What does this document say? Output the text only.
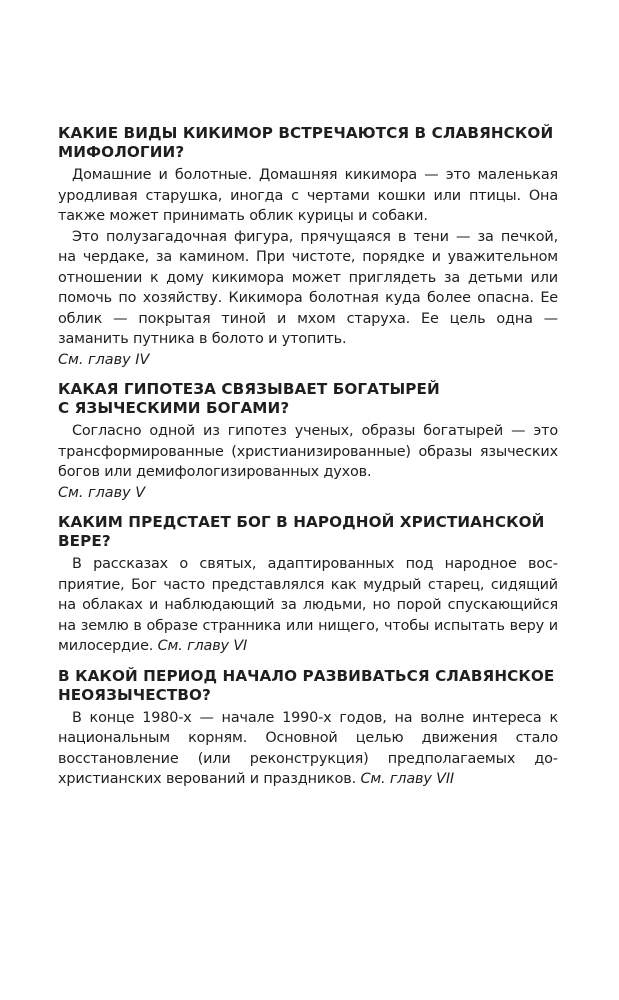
КАКИЕ ВИДЫ КИКИМОР ВСТРЕЧАЮТСЯ В СЛАВЯНСКОЙ
МИФОЛОГИИ?

Домашние и болотные. Домашняя кикимора — это маленькая уродливая старушка, иногда с чертами кошки или птицы. Она также может принимать облик курицы и собаки.

Это полузагадочная фигура, прячущаяся в тени — за печкой, на чердаке, за камином. При чистоте, порядке и уважительном отношении к дому кикимора может приглядеть за детьми или помочь по хозяйству. Кикимора болотная куда более опасна. Ее облик — покрытая тиной и мхом старуха. Ее цель одна — заманить путника в болото и утопить.

См. главу IV

КАКАЯ ГИПОТЕЗА СВЯЗЫВАЕТ БОГАТЫРЕЙ
С ЯЗЫЧЕСКИМИ БОГАМИ?

Согласно одной из гипотез ученых, образы богатырей — это трансформированные (христианизированные) образы языческих богов или демифологизированных духов.

См. главу V

КАКИМ ПРЕДСТАЕТ БОГ В НАРОДНОЙ ХРИСТИАНСКОЙ
ВЕРЕ?

В рассказах о святых, адаптированных под народное восприятие, Бог часто представлялся как мудрый старец, сидящий на облаках и наблюдающий за людьми, но порой спускающийся на землю в образе странника или нищего, чтобы испытать веру и милосердие. См. главу VI

В КАКОЙ ПЕРИОД НАЧАЛО РАЗВИВАТЬСЯ СЛАВЯНСКОЕ
НЕОЯЗЫЧЕСТВО?

В конце 1980-х — начале 1990-х годов, на волне интереса к национальным корням. Основной целью движения стало восстановление (или реконструкция) предполагаемых дохристианских верований и праздников. См. главу VII
